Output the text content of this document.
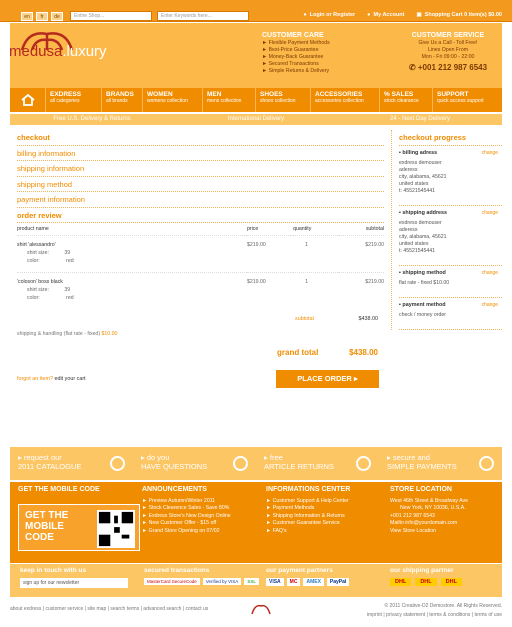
en	fr	de	Entire Shop...	Enter Keywords here...	● Login or Register ● My Account ▣ Shopping Cart 0 item(s) $0.00
medusa.luxury
CUSTOMER CARE
► Flexible Payment Methods
► Best-Price Guarantee
► Money-Back Guarantee
► Secured Transactions
► Simple Returns & Delivery
CUSTOMER SERVICE
Give Us a Call - Toll Free!
Lines Open From
Mon - Fri 09:00 - 22:00
✆ +001 212 987 6543
EXDRESS
all categories
BRANDS
all brands
WOMEN
womens collection
MEN
mens collection
SHOES
shoes collection
ACCESSORIES
accessories collection
% SALES
stock clearance
SUPPORT
quick access support
Free U.S. Delivery & Returns	International Delivery	24 - Next Day Delivery
checkout
billing information
shipping information
shipping method
payment information
order review
product name	price	quantity	subtotal
shirt 'alessandro'	$219.00	1	$219.00
shirt size: 39			
color: red			
'coloson' boss black	$219.00	1	$219.00
shirt size: 39			
color: red			
subtotal	$438.00
shipping & handling (flat rate - fixed) $10.00
grand total	$438.00
forgot an item? edit your cart	PLACE ORDER ▸
checkout progress
▪ billing adress	change
exdress demouser
aderess
city, alabama, 45621
united states
t: 45521545441
▪ shipping address	change
exdress demouser
aderess
city, alabama, 45621
united states
t: 45521545441
▪ shipping method	change
flat rate - fixed $10.00
▪ payment method	change
check / money order
▸ request our
2011 CATALOGUE
▸ do you
HAVE QUESTIONS
▸ free
ARTICLE RETURNS
▸ secure and
SIMPLE PAYMENTS
GET THE MOBILE CODE
GET THE
MOBILE
CODE
ANNOUNCEMENTS
► Preview Autumn/Winter 2011
► Stock Clearence Sales - Save 80%
► Exdress Store's New Design Online
► New Customer Offer - $15 off
► Grand Store Opening on 07/02
INFORMATIONS CENTER
► Customer Support & Help Center
► Payment Methods
► Shipping Information & Returns
► Customer Guarantee Service
► FAQ's
STORE LOCATION
West 46th Street & Broadway Ave
New York, NY 10036, U.S.A.
+001 212 987 6543
Mailto info@yourdomain.com
View Store Location
keep in touch with us
sign up for our newsletter
secured transactions
MasterCard SecureCode	Verified by VISA	SSL
our payment partners
VISA	MC	AMEX	PayPal
our shipping partner
DHL	DHL	DHL
about exdress | customer service | site map | search terms | advanced search | contact us	© 2011 Creative-D2 Demostore. All Rights Reserved.
imprint | privacy statement | terms & conditions | terms of use
